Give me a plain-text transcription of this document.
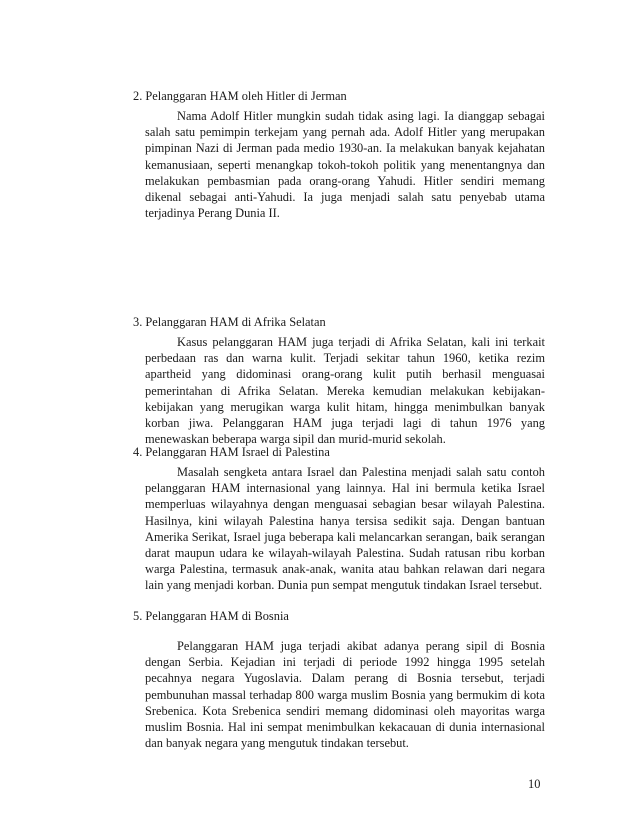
2. Pelanggaran HAM oleh Hitler di Jerman

Nama Adolf Hitler mungkin sudah tidak asing lagi. Ia dianggap sebagai salah satu pemimpin terkejam yang pernah ada. Adolf Hitler yang merupakan pimpinan Nazi di Jerman pada medio 1930-an. Ia melakukan banyak kejahatan kemanusiaan, seperti menangkap tokoh-tokoh politik yang menentangnya dan melakukan pembasmian pada orang-orang Yahudi. Hitler sendiri memang dikenal sebagai anti-Yahudi. Ia juga menjadi salah satu penyebab utama terjadinya Perang Dunia II.

3. Pelanggaran HAM di Afrika Selatan

Kasus pelanggaran HAM juga terjadi di Afrika Selatan, kali ini terkait perbedaan ras dan warna kulit. Terjadi sekitar tahun 1960, ketika rezim apartheid yang didominasi orang-orang kulit putih berhasil menguasai pemerintahan di Afrika Selatan. Mereka kemudian melakukan kebijakan-kebijakan yang merugikan warga kulit hitam, hingga menimbulkan banyak korban jiwa. Pelanggaran HAM juga terjadi lagi di tahun 1976 yang menewaskan beberapa warga sipil dan murid-murid sekolah.

4. Pelanggaran HAM Israel di Palestina

Masalah sengketa antara Israel dan Palestina menjadi salah satu contoh pelanggaran HAM internasional yang lainnya. Hal ini bermula ketika Israel memperluas wilayahnya dengan menguasai sebagian besar wilayah Palestina. Hasilnya, kini wilayah Palestina hanya tersisa sedikit saja. Dengan bantuan Amerika Serikat, Israel juga beberapa kali melancarkan serangan, baik serangan darat maupun udara ke wilayah-wilayah Palestina. Sudah ratusan ribu korban warga Palestina, termasuk anak-anak, wanita atau bahkan relawan dari negara lain yang menjadi korban. Dunia pun sempat mengutuk tindakan Israel tersebut.

5. Pelanggaran HAM di Bosnia

Pelanggaran HAM juga terjadi akibat adanya perang sipil di Bosnia dengan Serbia. Kejadian ini terjadi di periode 1992 hingga 1995 setelah pecahnya negara Yugoslavia. Dalam perang di Bosnia tersebut, terjadi pembunuhan massal terhadap 800 warga muslim Bosnia yang bermukim di kota Srebenica. Kota Srebenica sendiri memang didominasi oleh mayoritas warga muslim Bosnia. Hal ini sempat menimbulkan kekacauan di dunia internasional dan banyak negara yang mengutuk tindakan tersebut.

10
